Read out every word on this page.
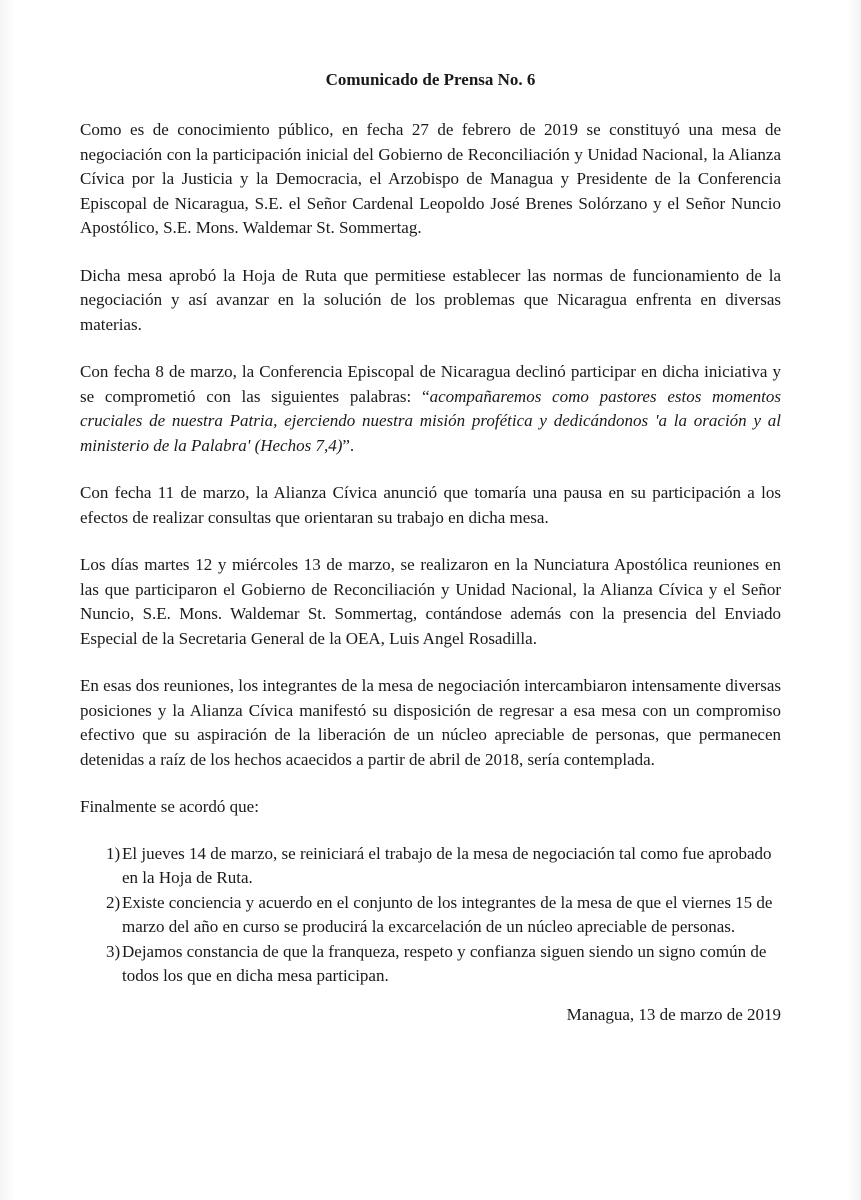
Comunicado de Prensa No. 6

Como es de conocimiento público, en fecha 27 de febrero de 2019 se constituyó una mesa de negociación con la participación inicial del Gobierno de Reconciliación y Unidad Nacional, la Alianza Cívica por la Justicia y la Democracia, el Arzobispo de Managua y Presidente de la Conferencia Episcopal de Nicaragua, S.E. el Señor Cardenal Leopoldo José Brenes Solórzano y el Señor Nuncio Apostólico, S.E. Mons. Waldemar St. Sommertag.

Dicha mesa aprobó la Hoja de Ruta que permitiese establecer las normas de funcionamiento de la negociación y así avanzar en la solución de los problemas que Nicaragua enfrenta en diversas materias.

Con fecha 8 de marzo, la Conferencia Episcopal de Nicaragua declinó participar en dicha iniciativa y se comprometió con las siguientes palabras: “acompañaremos como pastores estos momentos cruciales de nuestra Patria, ejerciendo nuestra misión profética y dedicándonos 'a la oración y al ministerio de la Palabra' (Hechos 7,4)”.

Con fecha 11 de marzo, la Alianza Cívica anunció que tomaría una pausa en su participación a los efectos de realizar consultas que orientaran su trabajo en dicha mesa.

Los días martes 12 y miércoles 13 de marzo, se realizaron en la Nunciatura Apostólica reuniones en las que participaron el Gobierno de Reconciliación y Unidad Nacional, la Alianza Cívica y el Señor Nuncio, S.E. Mons. Waldemar St. Sommertag, contándose además con la presencia del Enviado Especial de la Secretaria General de la OEA, Luis Angel Rosadilla.

En esas dos reuniones, los integrantes de la mesa de negociación intercambiaron intensamente diversas posiciones y la Alianza Cívica manifestó su disposición de regresar a esa mesa con un compromiso efectivo que su aspiración de la liberación de un núcleo apreciable de personas, que permanecen detenidas a raíz de los hechos acaecidos a partir de abril de 2018, sería contemplada.

Finalmente se acordó que:

1) El jueves 14 de marzo, se reiniciará el trabajo de la mesa de negociación tal como fue aprobado en la Hoja de Ruta.
2) Existe conciencia y acuerdo en el conjunto de los integrantes de la mesa de que el viernes 15 de marzo del año en curso se producirá la excarcelación de un núcleo apreciable de personas.
3) Dejamos constancia de que la franqueza, respeto y confianza siguen siendo un signo común de todos los que en dicha mesa participan.
Managua, 13 de marzo de 2019
